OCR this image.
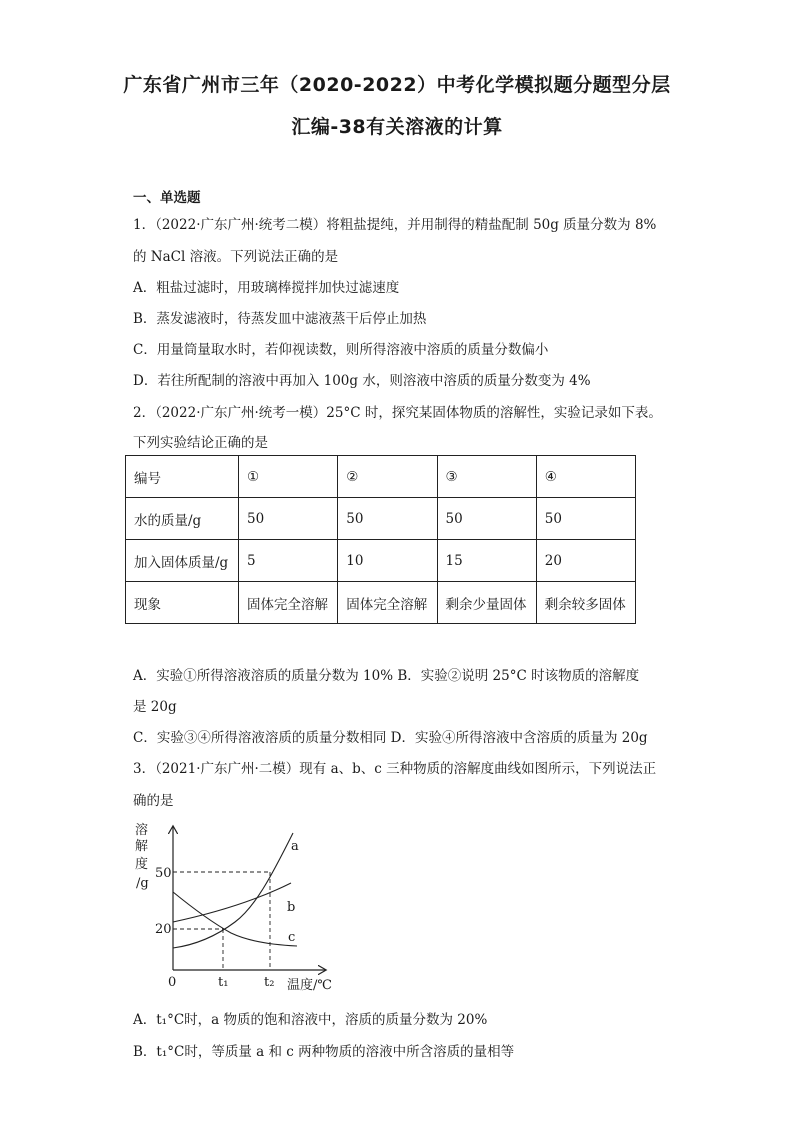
广东省广州市三年（2020-2022）中考化学模拟题分题型分层
汇编-38有关溶液的计算
一、单选题
1．（2022·广东广州·统考二模）将粗盐提纯，并用制得的精盐配制 50g 质量分数为 8%
的 NaCl 溶液。下列说法正确的是
A．粗盐过滤时，用玻璃棒搅拌加快过滤速度
B．蒸发滤液时，待蒸发皿中滤液蒸干后停止加热
C．用量筒量取水时，若仰视读数，则所得溶液中溶质的质量分数偏小
D．若往所配制的溶液中再加入 100g 水，则溶液中溶质的质量分数变为 4%
2．（2022·广东广州·统考一模）25°C 时，探究某固体物质的溶解性，实验记录如下表。
下列实验结论正确的是
编号	①	②	③	④
水的质量/g	50	50	50	50
加入固体质量/g	5	10	15	20
现象	固体完全溶解	固体完全溶解	剩余少量固体	剩余较多固体
A．实验①所得溶液溶质的质量分数为 10% B．实验②说明 25°C 时该物质的溶解度
是 20g
C．实验③④所得溶液溶质的质量分数相同 D．实验④所得溶液中含溶质的质量为 20g
3．（2021·广东广州·二模）现有 a、b、c 三种物质的溶解度曲线如图所示，下列说法正
确的是
溶
解
度
/g
50
20
0	t₁	t₂ 温度/℃
a
b
c
A．t₁°C时，a 物质的饱和溶液中，溶质的质量分数为 20%
B．t₁°C时，等质量 a 和 c 两种物质的溶液中所含溶质的量相等
